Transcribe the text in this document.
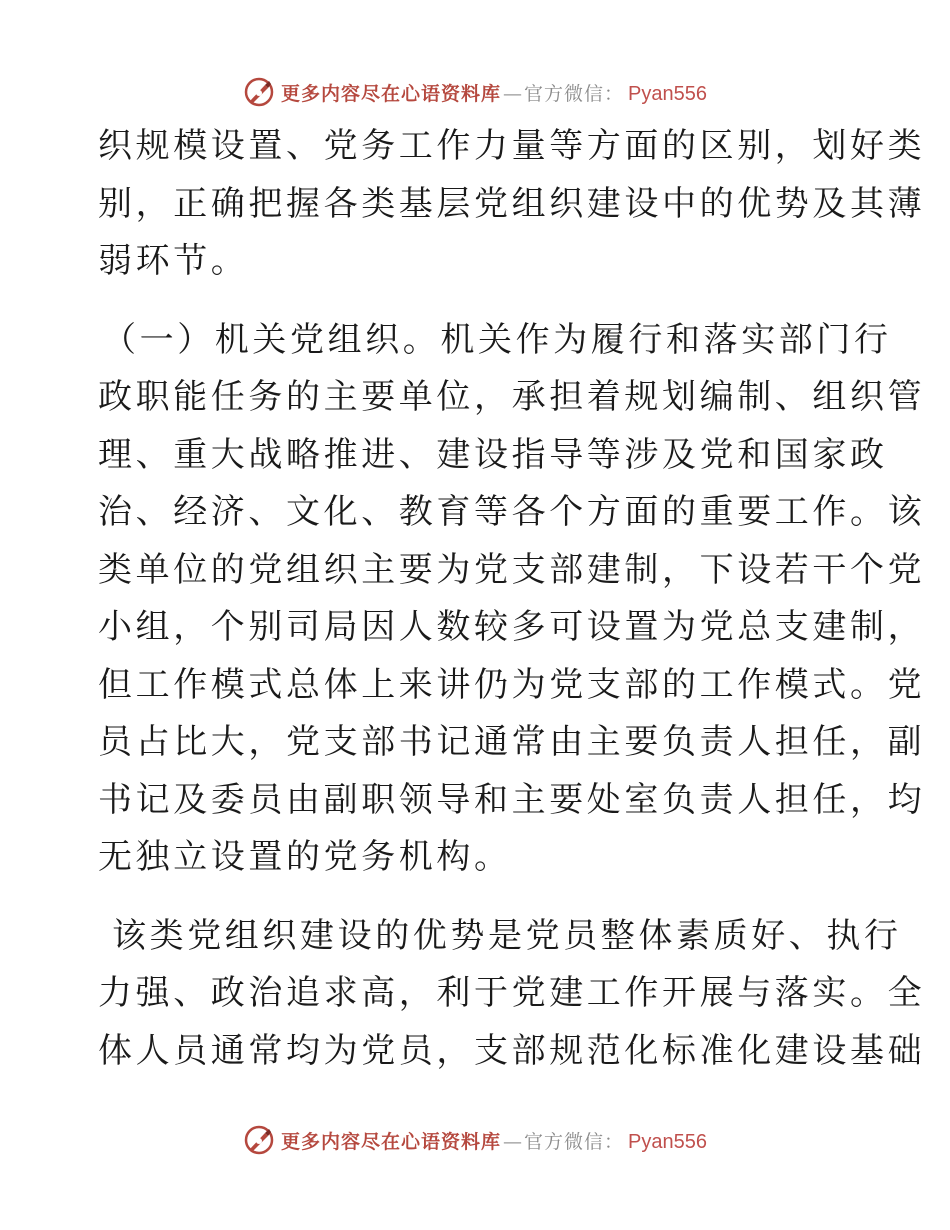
更多内容尽在心语资料库 — 官方微信： Pyan556
织规模设置、党务工作力量等方面的区别，划好类
别，正确把握各类基层党组织建设中的优势及其薄
弱环节。
（一）机关党组织。机关作为履行和落实部门行
政职能任务的主要单位，承担着规划编制、组织管
理、重大战略推进、建设指导等涉及党和国家政
治、经济、文化、教育等各个方面的重要工作。该
类单位的党组织主要为党支部建制，下设若干个党
小组，个别司局因人数较多可设置为党总支建制，
但工作模式总体上来讲仍为党支部的工作模式。党
员占比大，党支部书记通常由主要负责人担任，副
书记及委员由副职领导和主要处室负责人担任，均
无独立设置的党务机构。
该类党组织建设的优势是党员整体素质好、执行
力强、政治追求高，利于党建工作开展与落实。全
体人员通常均为党员，支部规范化标准化建设基础
更多内容尽在心语资料库 — 官方微信： Pyan556
